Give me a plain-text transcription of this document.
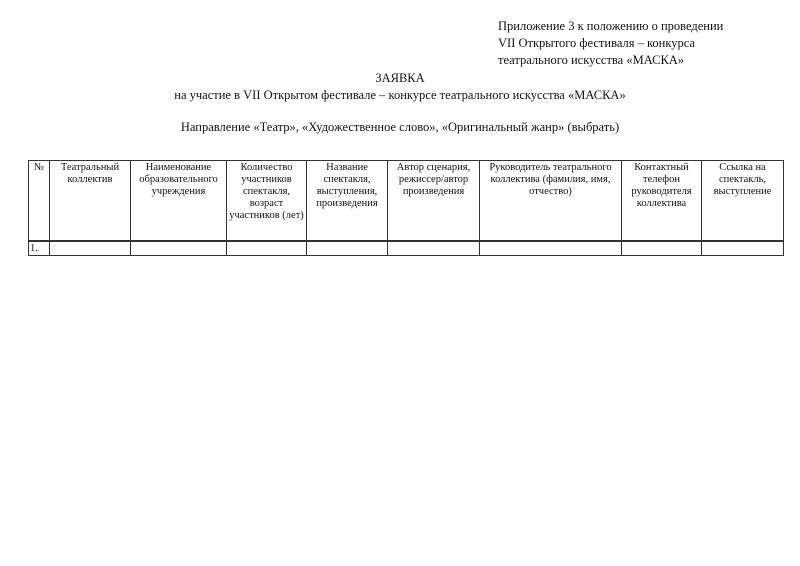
Приложение 3 к положению о проведении
VII Открытого фестиваля – конкурса
театрального искусства «МАСКА»
ЗАЯВКА
на участие в VII Открытом фестивале – конкурсе театрального искусства «МАСКА»
Направление «Театр», «Художественное слово», «Оригинальный жанр» (выбрать)
№	Театральный коллектив	Наименование образовательного учреждения	Количество участников спектакля, возраст участников (лет)	Название спектакля, выступления, произведения	Автор сценария, режиссер/автор произведения	Руководитель театрального коллектива (фамилия, имя, отчество)	Контактный телефон руководителя коллектива	Ссылка на спектакль, выступление
1.								
